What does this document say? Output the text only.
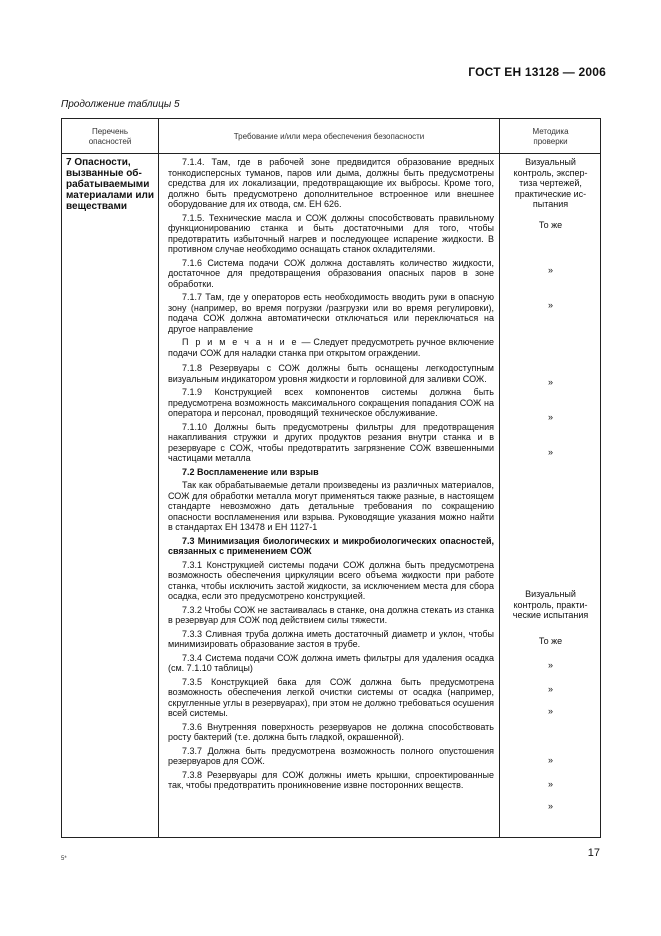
ГОСТ ЕН 13128 — 2006
Продолжение таблицы 5
Перечень
опасностей
Требование и/или мера обеспечения безопасности
Методика
проверки
7 Опасности,
вызванные об-
рабатываемыми
материалами или
веществами

7.1.4. Там, где в рабочей зоне предвидится образование вредных тонкодисперсных туманов, паров или дыма, должны быть предусмотрены средства для их локализации, предотвращающие их выбросы. Кроме того, должно быть предусмотрено дополнительное встроенное или внешнее оборудование для их отвода, см. ЕН 626.

7.1.5. Технические масла и СОЖ должны способствовать правильному функционированию станка и быть достаточными для того, чтобы предотвратить избыточный нагрев и последующее испарение жидкости. В противном случае необходимо оснащать станок охладителями.

7.1.6 Система подачи СОЖ должна доставлять количество жидкости, достаточное для предотвращения образования опасных паров в зоне обработки.

7.1.7 Там, где у операторов есть необходимость вводить руки в опасную зону (например, во время погрузки /разгрузки или во время регулировки), подача СОЖ должна автоматически отключаться или переключаться на другое направление

П р и м е ч а н и е — Следует предусмотреть ручное включение подачи СОЖ для наладки станка при открытом ограждении.

7.1.8 Резервуары с СОЖ должны быть оснащены легкодоступным визуальным индикатором уровня жидкости и горловиной для заливки СОЖ.

7.1.9 Конструкцией всех компонентов системы должна быть предусмотрена возможность максимального сокращения попадания СОЖ на оператора и персонал, проводящий техническое обслуживание.

7.1.10 Должны быть предусмотрены фильтры для предотвращения накапливания стружки и других продуктов резания внутри станка и в резервуаре с СОЖ, чтобы предотвратить загрязнение СОЖ взвешенными частицами металла

7.2 Воспламенение или взрыв

Так как обрабатываемые детали произведены из различных материалов, СОЖ для обработки металла могут применяться также разные, в настоящем стандарте невозможно дать детальные требования по сокращению опасности воспламенения или взрыва. Руководящие указания можно найти в стандартах ЕН 13478 и ЕН 1127-1

7.3 Минимизация биологических и микробиологических опасностей, связанных с применением СОЖ

7.3.1 Конструкцией системы подачи СОЖ должна быть предусмотрена возможность обеспечения циркуляции всего объема жидкости при работе станка, чтобы исключить застой жидкости, за исключением места для сбора осадка, если это предусмотрено конструкцией.

7.3.2 Чтобы СОЖ не застаивалась в станке, она должна стекать из станка в резервуар для СОЖ под действием силы тяжести.

7.3.3 Сливная труба должна иметь достаточный диаметр и уклон, чтобы минимизировать образование застоя в трубе.

7.3.4 Система подачи СОЖ должна иметь фильтры для удаления осадка (см. 7.1.10 таблицы)

7.3.5 Конструкцией бака для СОЖ должна быть предусмотрена возможность обеспечения легкой очистки системы от осадка (например, скругленные углы в резервуарах), при этом не должно требоваться осушения всей системы.

7.3.6 Внутренняя поверхность резервуаров не должна способствовать росту бактерий (т.е. должна быть гладкой, окрашенной).

7.3.7 Должна быть предусмотрена возможность полного опустошения резервуаров для СОЖ.

7.3.8 Резервуары для СОЖ должны иметь крышки, спроектированные так, чтобы предотвратить проникновение извне посторонних веществ.

Визуальный
контроль, экспер-
тиза чертежей,
практические ис-
пытания
То же
»
»
»
»
»
Визуальный
контроль, практи-
ческие испытания
То же
»
»
»
»
»
»
5*	17
